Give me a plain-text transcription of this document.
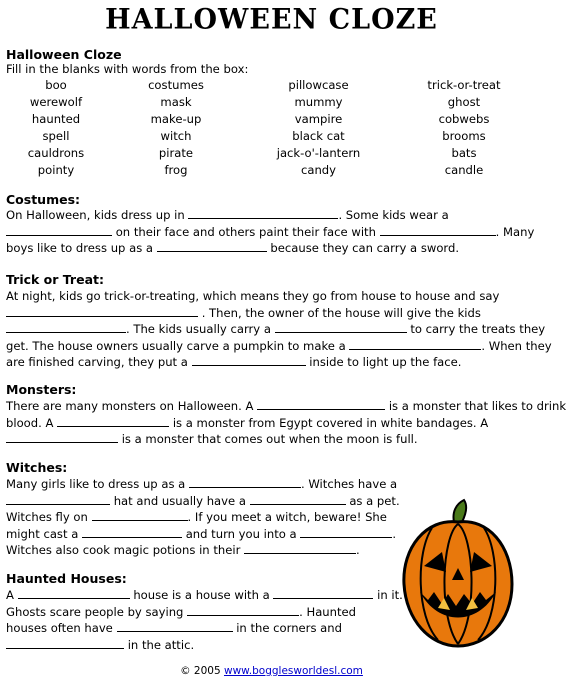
HALLOWEEN CLOZE
Halloween Cloze
Fill in the blanks with words from the box:
boo	costumes	pillowcase	trick-or-treat
werewolf	mask	mummy	ghost
haunted	make-up	vampire	cobwebs
spell	witch	black cat	brooms
cauldrons	pirate	jack-o'-lantern	bats
pointy	frog	candy	candle
Costumes:
On Halloween, kids dress up in	. Some kids wear a
on their face and others paint their face with	. Many
boys like to dress up as a	because they can carry a sword.
Trick or Treat:
At night, kids go trick-or-treating, which means they go from house to house and say
. Then, the owner of the house will give the kids
. The kids usually carry a	to carry the treats they
get. The house owners usually carve a pumpkin to make a	. When they
are finished carving, they put a	inside to light up the face.
Monsters:
There are many monsters on Halloween. A	is a monster that likes to drink
blood. A	is a monster from Egypt covered in white bandages. A
is a monster that comes out when the moon is full.
Witches:
Many girls like to dress up as a	. Witches have a
hat and usually have a	as a pet.
Witches fly on	. If you meet a witch, beware! She
might cast a	and turn you into a	.
Witches also cook magic potions in their	.
Haunted Houses:
A	house is a house with a	in it.
Ghosts scare people by saying	. Haunted
houses often have	in the corners and
in the attic.
© 2005 www.bogglesworldesl.com
